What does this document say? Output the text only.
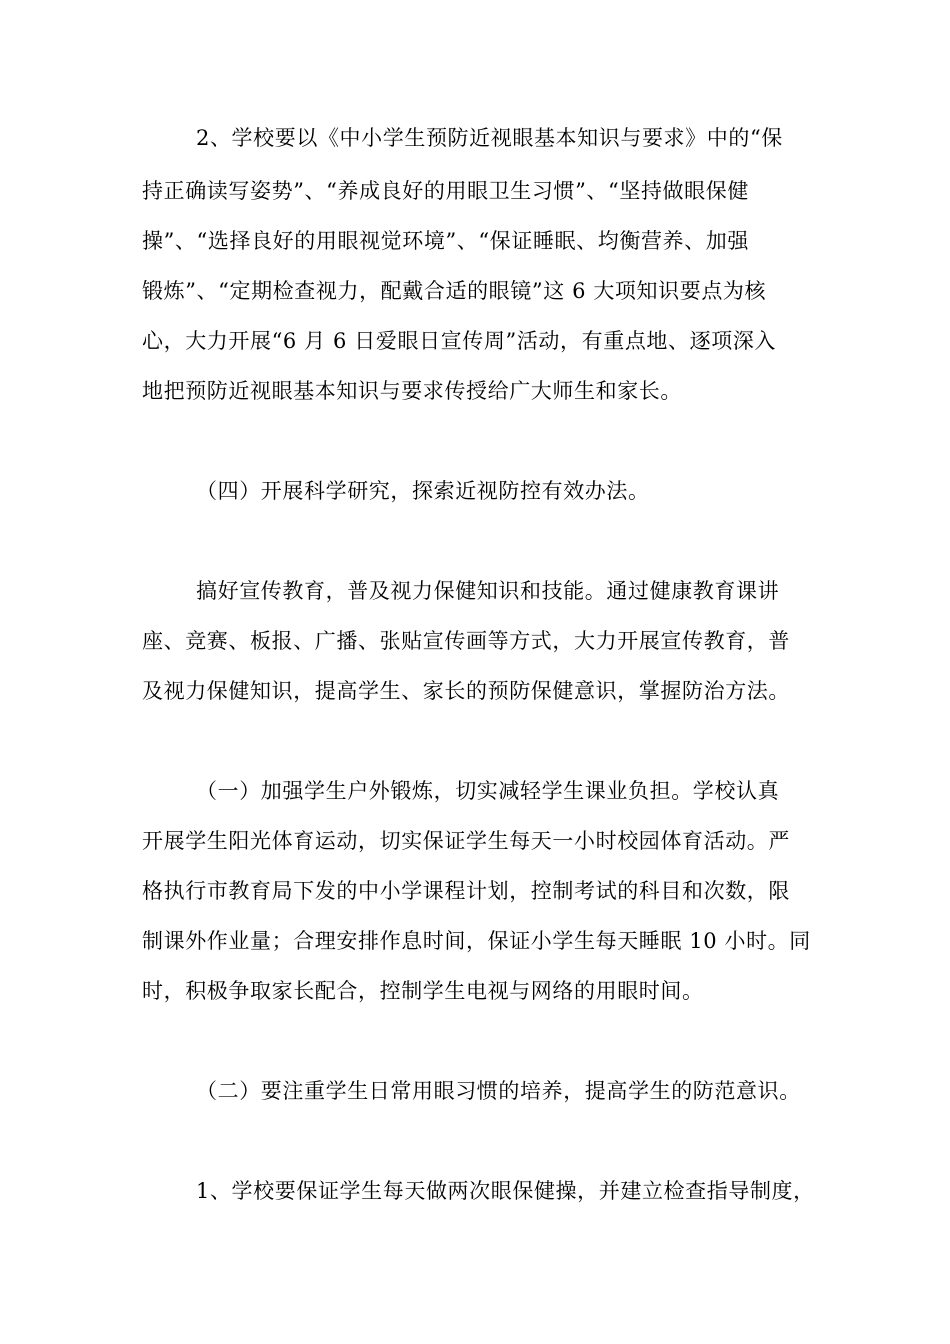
2、学校要以《中小学生预防近视眼基本知识与要求》中的“保
持正确读写姿势”、“养成良好的用眼卫生习惯”、“坚持做眼保健
操”、“选择良好的用眼视觉环境”、“保证睡眠、均衡营养、加强
锻炼”、“定期检查视力，配戴合适的眼镜”这 6 大项知识要点为核
心，大力开展“6 月 6 日爱眼日宣传周”活动，有重点地、逐项深入
地把预防近视眼基本知识与要求传授给广大师生和家长。
（四）开展科学研究，探索近视防控有效办法。
搞好宣传教育，普及视力保健知识和技能。通过健康教育课讲
座、竞赛、板报、广播、张贴宣传画等方式，大力开展宣传教育，普
及视力保健知识，提高学生、家长的预防保健意识，掌握防治方法。
（一）加强学生户外锻炼，切实减轻学生课业负担。学校认真
开展学生阳光体育运动，切实保证学生每天一小时校园体育活动。严
格执行市教育局下发的中小学课程计划，控制考试的科目和次数，限
制课外作业量；合理安排作息时间，保证小学生每天睡眠 10 小时。同
时，积极争取家长配合，控制学生电视与网络的用眼时间。
（二）要注重学生日常用眼习惯的培养，提高学生的防范意识。
1、学校要保证学生每天做两次眼保健操，并建立检查指导制度，
